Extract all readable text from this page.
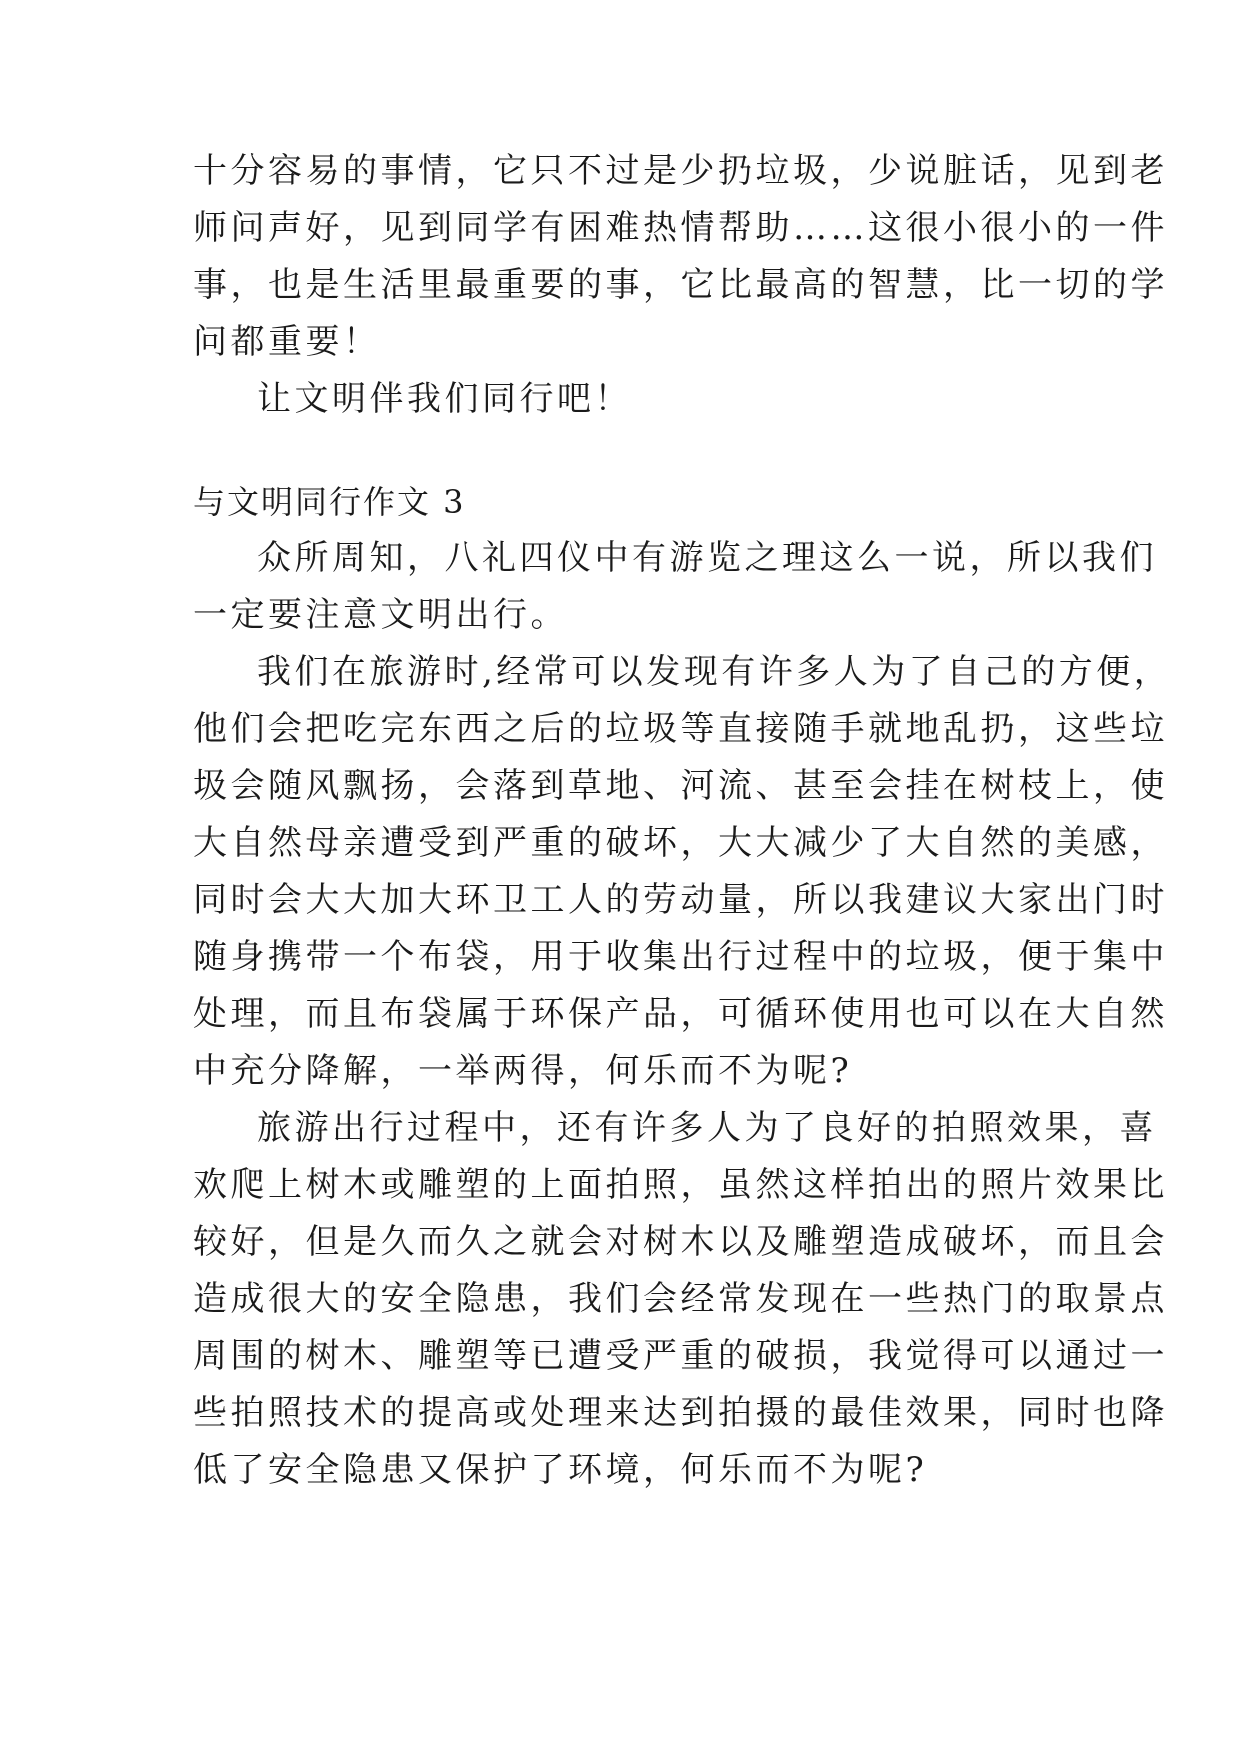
十分容易的事情，它只不过是少扔垃圾，少说脏话，见到老
师问声好，见到同学有困难热情帮助……这很小很小的一件
事，也是生活里最重要的事，它比最高的智慧，比一切的学
问都重要！
让文明伴我们同行吧！
与文明同行作文 3
众所周知，八礼四仪中有游览之理这么一说，所以我们
一定要注意文明出行。
我们在旅游时,经常可以发现有许多人为了自己的方便，
他们会把吃完东西之后的垃圾等直接随手就地乱扔，这些垃
圾会随风飘扬，会落到草地、河流、甚至会挂在树枝上，使
大自然母亲遭受到严重的破坏，大大减少了大自然的美感，
同时会大大加大环卫工人的劳动量，所以我建议大家出门时
随身携带一个布袋，用于收集出行过程中的垃圾，便于集中
处理，而且布袋属于环保产品，可循环使用也可以在大自然
中充分降解，一举两得，何乐而不为呢?
旅游出行过程中，还有许多人为了良好的拍照效果，喜
欢爬上树木或雕塑的上面拍照，虽然这样拍出的照片效果比
较好，但是久而久之就会对树木以及雕塑造成破坏，而且会
造成很大的安全隐患，我们会经常发现在一些热门的取景点
周围的树木、雕塑等已遭受严重的破损，我觉得可以通过一
些拍照技术的提高或处理来达到拍摄的最佳效果，同时也降
低了安全隐患又保护了环境，何乐而不为呢?
